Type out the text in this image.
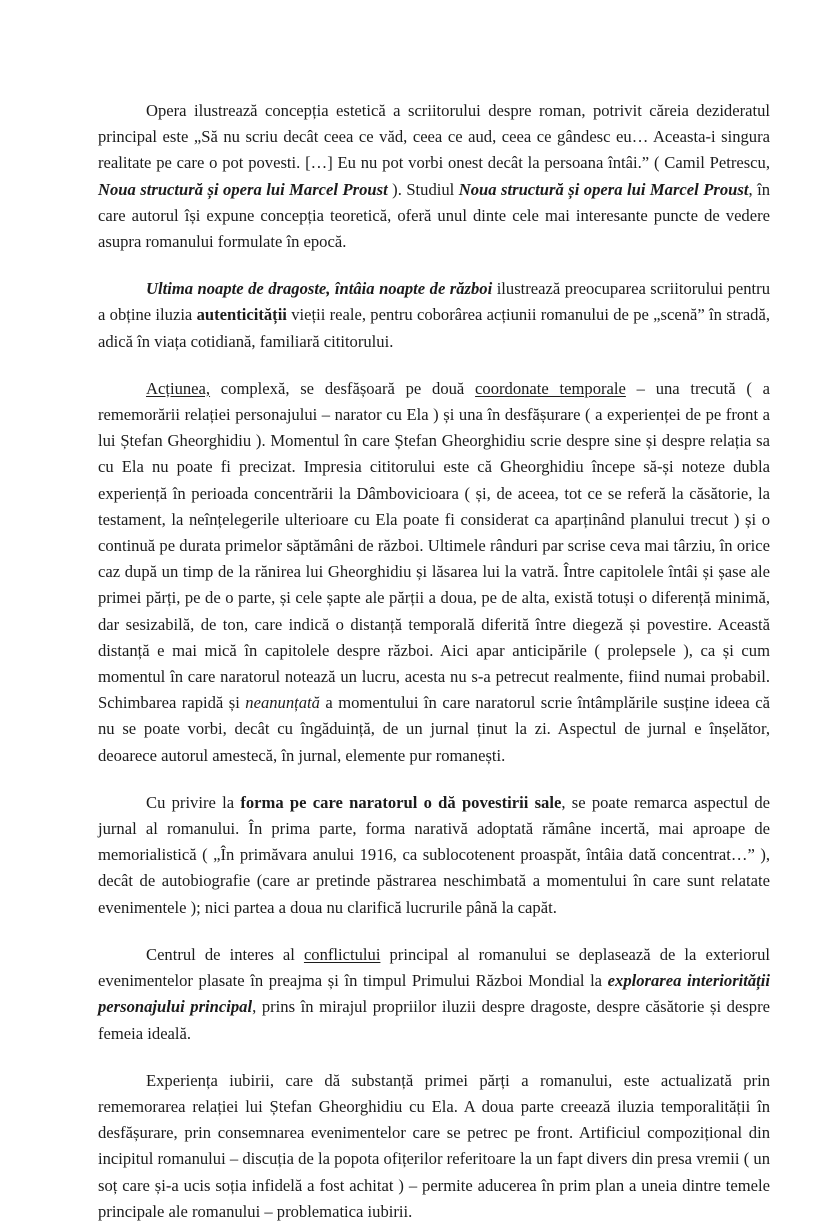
Opera ilustrează concepția estetică a scriitorului despre roman, potrivit căreia dezideratul principal este „Să nu scriu decât ceea ce văd, ceea ce aud, ceea ce gândesc eu… Aceasta-i singura realitate pe care o pot povesti. […] Eu nu pot vorbi onest decât la persoana întâi.” ( Camil Petrescu, Noua structură și opera lui Marcel Proust ). Studiul Noua structură și opera lui Marcel Proust, în care autorul își expune concepția teoretică, oferă unul dinte cele mai interesante puncte de vedere asupra romanului formulate în epocă.

Ultima noapte de dragoste, întâia noapte de război ilustrează preocuparea scriitorului pentru a obține iluzia autenticității vieții reale, pentru coborârea acțiunii romanului de pe „scenă” în stradă, adică în viața cotidiană, familiară cititorului.

Acțiunea, complexă, se desfășoară pe două coordonate temporale – una trecută ( a rememorării relației personajului – narator cu Ela ) și una în desfășurare ( a experienței de pe front a lui Ștefan Gheorghidiu ). Momentul în care Ștefan Gheorghidiu scrie despre sine și despre relația sa cu Ela nu poate fi precizat. Impresia cititorului este că Gheorghidiu începe să-și noteze dubla experiență în perioada concentrării la Dâmbovicioara ( și, de aceea, tot ce se referă la căsătorie, la testament, la neînțelegerile ulterioare cu Ela poate fi considerat ca aparținând planului trecut ) și o continuă pe durata primelor săptămâni de război. Ultimele rânduri par scrise ceva mai târziu, în orice caz după un timp de la rănirea lui Gheorghidiu și lăsarea lui la vatră. Între capitolele întâi și șase ale primei părți, pe de o parte, și cele șapte ale părții a doua, pe de alta, există totuși o diferență minimă, dar sesizabilă, de ton, care indică o distanță temporală diferită între diegeză și povestire. Această distanță e mai mică în capitolele despre război. Aici apar anticipările ( prolepsele ), ca și cum momentul în care naratorul notează un lucru, acesta nu s-a petrecut realmente, fiind numai probabil. Schimbarea rapidă și neanunțată a momentului în care naratorul scrie întâmplările susține ideea că nu se poate vorbi, decât cu îngăduință, de un jurnal ținut la zi. Aspectul de jurnal e înșelător, deoarece autorul amestecă, în jurnal, elemente pur romanești.

Cu privire la forma pe care naratorul o dă povestirii sale, se poate remarca aspectul de jurnal al romanului. În prima parte, forma narativă adoptată rămâne incertă, mai aproape de memorialistică ( „În primăvara anului 1916, ca sublocotenent proaspăt, întâia dată concentrat…” ), decât de autobiografie (care ar pretinde păstrarea neschimbată a momentului în care sunt relatate evenimentele ); nici partea a doua nu clarifică lucrurile până la capăt.

Centrul de interes al conflictului principal al romanului se deplasează de la exteriorul evenimentelor plasate în preajma și în timpul Primului Război Mondial la explorarea interiorității personajului principal, prins în mirajul propriilor iluzii despre dragoste, despre căsătorie și despre femeia ideală.

Experiența iubirii, care dă substanță primei părți a romanului, este actualizată prin rememorarea relației lui Ștefan Gheorghidiu cu Ela. A doua parte creează iluzia temporalității în desfășurare, prin consemnarea evenimentelor care se petrec pe front. Artificiul compozițional din incipitul romanului – discuția de la popota ofițerilor referitoare la un fapt divers din presa vremii ( un soț care și-a ucis soția infidelă a fost achitat ) – permite aducerea în prim plan a uneia dintre temele principale ale romanului – problematica iubirii.
